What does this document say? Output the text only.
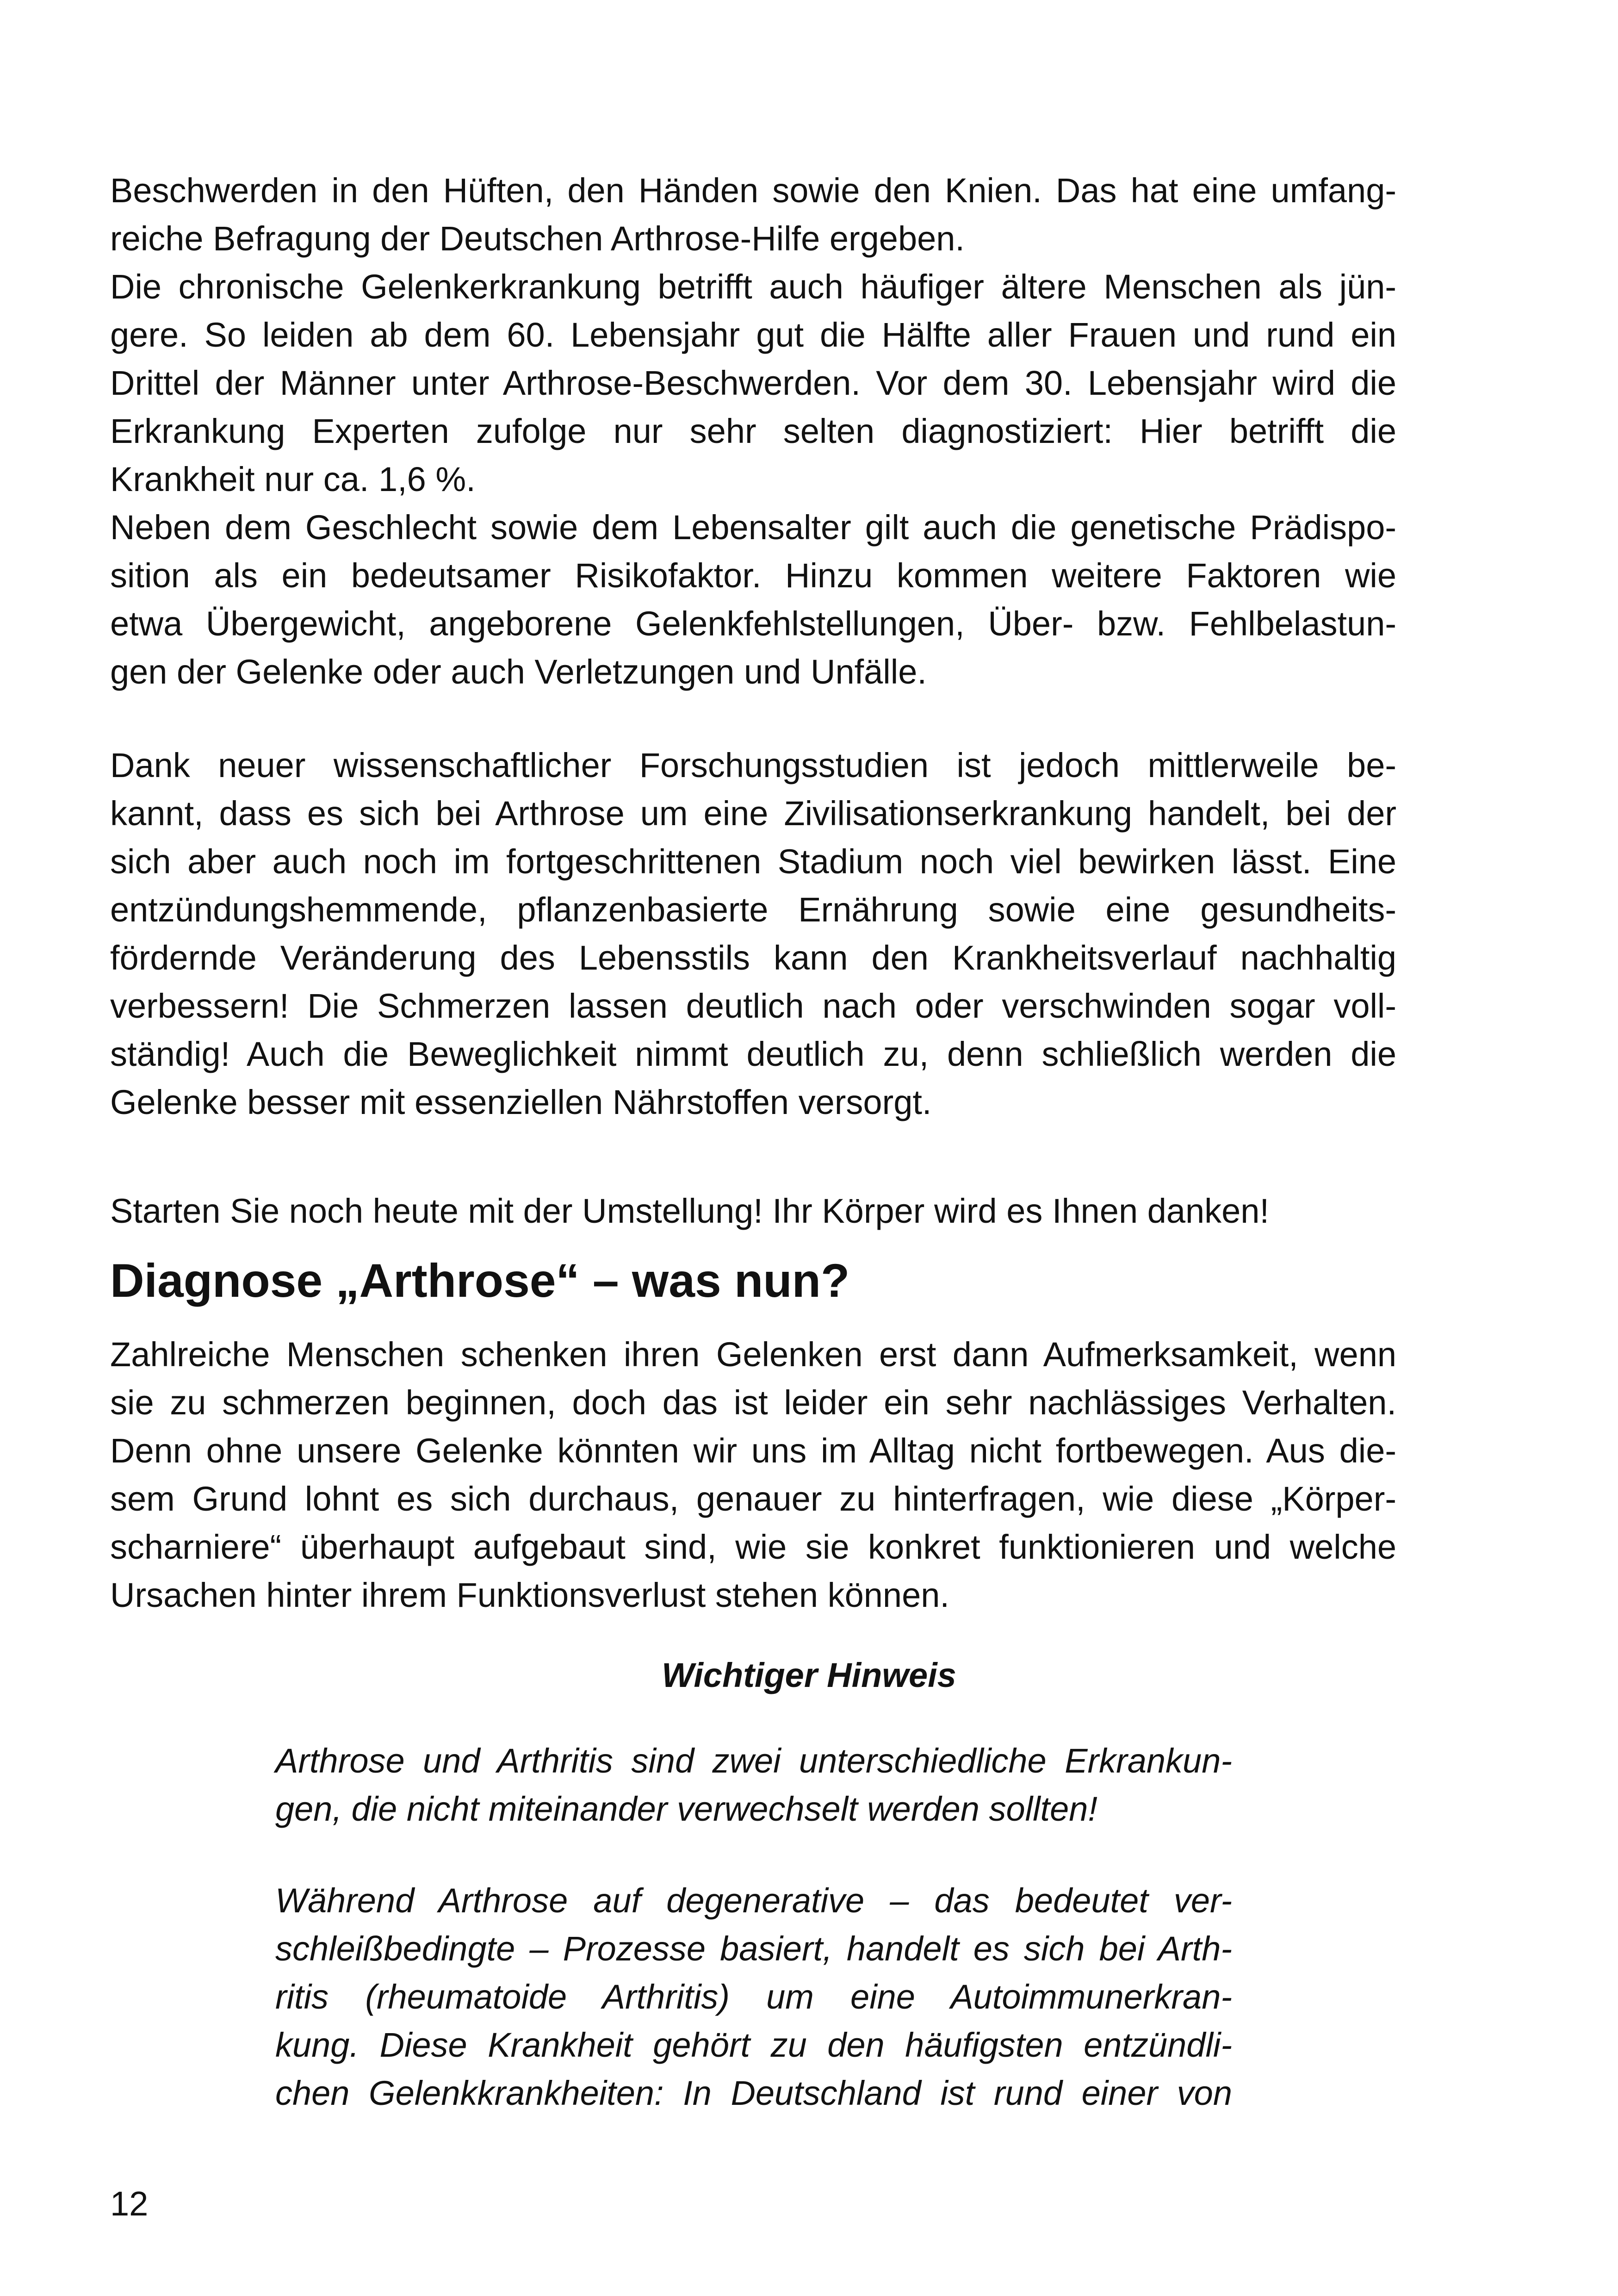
Beschwerden in den Hüften, den Händen sowie den Knien. Das hat eine umfang-
reiche Befragung der Deutschen Arthrose-Hilfe ergeben.
Die chronische Gelenkerkrankung betrifft auch häufiger ältere Menschen als jün-
gere. So leiden ab dem 60. Lebensjahr gut die Hälfte aller Frauen und rund ein
Drittel der Männer unter Arthrose-Beschwerden. Vor dem 30. Lebensjahr wird die
Erkrankung Experten zufolge nur sehr selten diagnostiziert: Hier betrifft die
Krankheit nur ca. 1,6 %.
Neben dem Geschlecht sowie dem Lebensalter gilt auch die genetische Prädispo-
sition als ein bedeutsamer Risikofaktor. Hinzu kommen weitere Faktoren wie
etwa Übergewicht, angeborene Gelenkfehlstellungen, Über- bzw. Fehlbelastun-
gen der Gelenke oder auch Verletzungen und Unfälle.
Dank neuer wissenschaftlicher Forschungsstudien ist jedoch mittlerweile be-
kannt, dass es sich bei Arthrose um eine Zivilisationserkrankung handelt, bei der
sich aber auch noch im fortgeschrittenen Stadium noch viel bewirken lässt. Eine
entzündungshemmende, pflanzenbasierte Ernährung sowie eine gesundheits-
fördernde Veränderung des Lebensstils kann den Krankheitsverlauf nachhaltig
verbessern! Die Schmerzen lassen deutlich nach oder verschwinden sogar voll-
ständig! Auch die Beweglichkeit nimmt deutlich zu, denn schließlich werden die
Gelenke besser mit essenziellen Nährstoffen versorgt.
Starten Sie noch heute mit der Umstellung! Ihr Körper wird es Ihnen danken!
Diagnose „Arthrose“ – was nun?
Zahlreiche Menschen schenken ihren Gelenken erst dann Aufmerksamkeit, wenn
sie zu schmerzen beginnen, doch das ist leider ein sehr nachlässiges Verhalten.
Denn ohne unsere Gelenke könnten wir uns im Alltag nicht fortbewegen. Aus die-
sem Grund lohnt es sich durchaus, genauer zu hinterfragen, wie diese „Körper-
scharniere“ überhaupt aufgebaut sind, wie sie konkret funktionieren und welche
Ursachen hinter ihrem Funktionsverlust stehen können.
Wichtiger Hinweis
Arthrose und Arthritis sind zwei unterschiedliche Erkrankun-
gen, die nicht miteinander verwechselt werden sollten!
Während Arthrose auf degenerative – das bedeutet ver-
schleißbedingte – Prozesse basiert, handelt es sich bei Arth-
ritis (rheumatoide Arthritis) um eine Autoimmunerkran-
kung. Diese Krankheit gehört zu den häufigsten entzündli-
chen Gelenkkrankheiten: In Deutschland ist rund einer von
12
